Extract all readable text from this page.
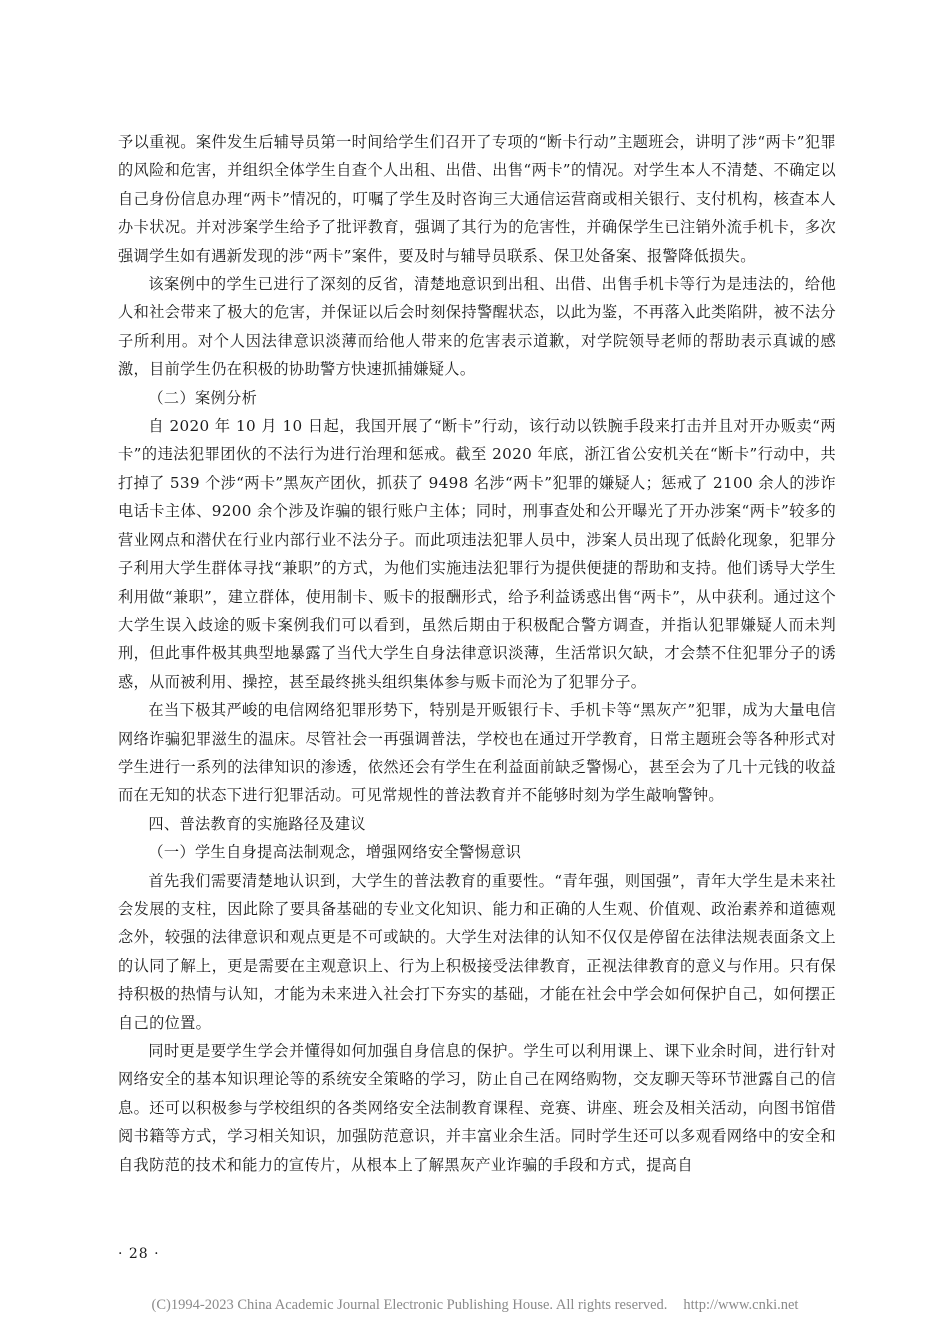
予以重视。案件发生后辅导员第一时间给学生们召开了专项的“断卡行动”主题班会，讲明了涉“两卡”犯罪的风险和危害，并组织全体学生自查个人出租、出借、出售“两卡”的情况。对学生本人不清楚、不确定以自己身份信息办理“两卡”情况的，叮嘱了学生及时咨询三大通信运营商或相关银行、支付机构，核查本人办卡状况。并对涉案学生给予了批评教育，强调了其行为的危害性，并确保学生已注销外流手机卡，多次强调学生如有遇新发现的涉“两卡”案件，要及时与辅导员联系、保卫处备案、报警降低损失。

该案例中的学生已进行了深刻的反省，清楚地意识到出租、出借、出售手机卡等行为是违法的，给他人和社会带来了极大的危害，并保证以后会时刻保持警醒状态，以此为鉴，不再落入此类陷阱，被不法分子所利用。对个人因法律意识淡薄而给他人带来的危害表示道歉，对学院领导老师的帮助表示真诚的感激，目前学生仍在积极的协助警方快速抓捕嫌疑人。

（二）案例分析

自 2020 年 10 月 10 日起，我国开展了“断卡”行动，该行动以铁腕手段来打击并且对开办贩卖“两卡”的违法犯罪团伙的不法行为进行治理和惩戒。截至 2020 年底，浙江省公安机关在“断卡”行动中，共打掉了 539 个涉“两卡”黑灰产团伙，抓获了 9498 名涉“两卡”犯罪的嫌疑人；惩戒了 2100 余人的涉诈电话卡主体、9200 余个涉及诈骗的银行账户主体；同时，刑事查处和公开曝光了开办涉案“两卡”较多的营业网点和潜伏在行业内部行业不法分子。而此项违法犯罪人员中，涉案人员出现了低龄化现象，犯罪分子利用大学生群体寻找“兼职”的方式，为他们实施违法犯罪行为提供便捷的帮助和支持。他们诱导大学生利用做“兼职”，建立群体，使用制卡、贩卡的报酬形式，给予利益诱惑出售“两卡”，从中获利。通过这个大学生误入歧途的贩卡案例我们可以看到，虽然后期由于积极配合警方调查，并指认犯罪嫌疑人而未判刑，但此事件极其典型地暴露了当代大学生自身法律意识淡薄，生活常识欠缺，才会禁不住犯罪分子的诱惑，从而被利用、操控，甚至最终挑头组织集体参与贩卡而沦为了犯罪分子。

在当下极其严峻的电信网络犯罪形势下，特别是开贩银行卡、手机卡等“黑灰产”犯罪，成为大量电信网络诈骗犯罪滋生的温床。尽管社会一再强调普法，学校也在通过开学教育，日常主题班会等各种形式对学生进行一系列的法律知识的渗透，依然还会有学生在利益面前缺乏警惕心，甚至会为了几十元钱的收益而在无知的状态下进行犯罪活动。可见常规性的普法教育并不能够时刻为学生敲响警钟。

四、普法教育的实施路径及建议

（一）学生自身提高法制观念，增强网络安全警惕意识

首先我们需要清楚地认识到，大学生的普法教育的重要性。“青年强，则国强”，青年大学生是未来社会发展的支柱，因此除了要具备基础的专业文化知识、能力和正确的人生观、价值观、政治素养和道德观念外，较强的法律意识和观点更是不可或缺的。大学生对法律的认知不仅仅是停留在法律法规表面条文上的认同了解上，更是需要在主观意识上、行为上积极接受法律教育，正视法律教育的意义与作用。只有保持积极的热情与认知，才能为未来进入社会打下夯实的基础，才能在社会中学会如何保护自己，如何摆正自己的位置。

同时更是要学生学会并懂得如何加强自身信息的保护。学生可以利用课上、课下业余时间，进行针对网络安全的基本知识理论等的系统安全策略的学习，防止自己在网络购物，交友聊天等环节泄露自己的信息。还可以积极参与学校组织的各类网络安全法制教育课程、竞赛、讲座、班会及相关活动，向图书馆借阅书籍等方式，学习相关知识，加强防范意识，并丰富业余生活。同时学生还可以多观看网络中的安全和自我防范的技术和能力的宣传片，从根本上了解黑灰产业诈骗的手段和方式，提高自

· 28 ·
(C)1994-2023 China Academic Journal Electronic Publishing House. All rights reserved. http://www.cnki.net
